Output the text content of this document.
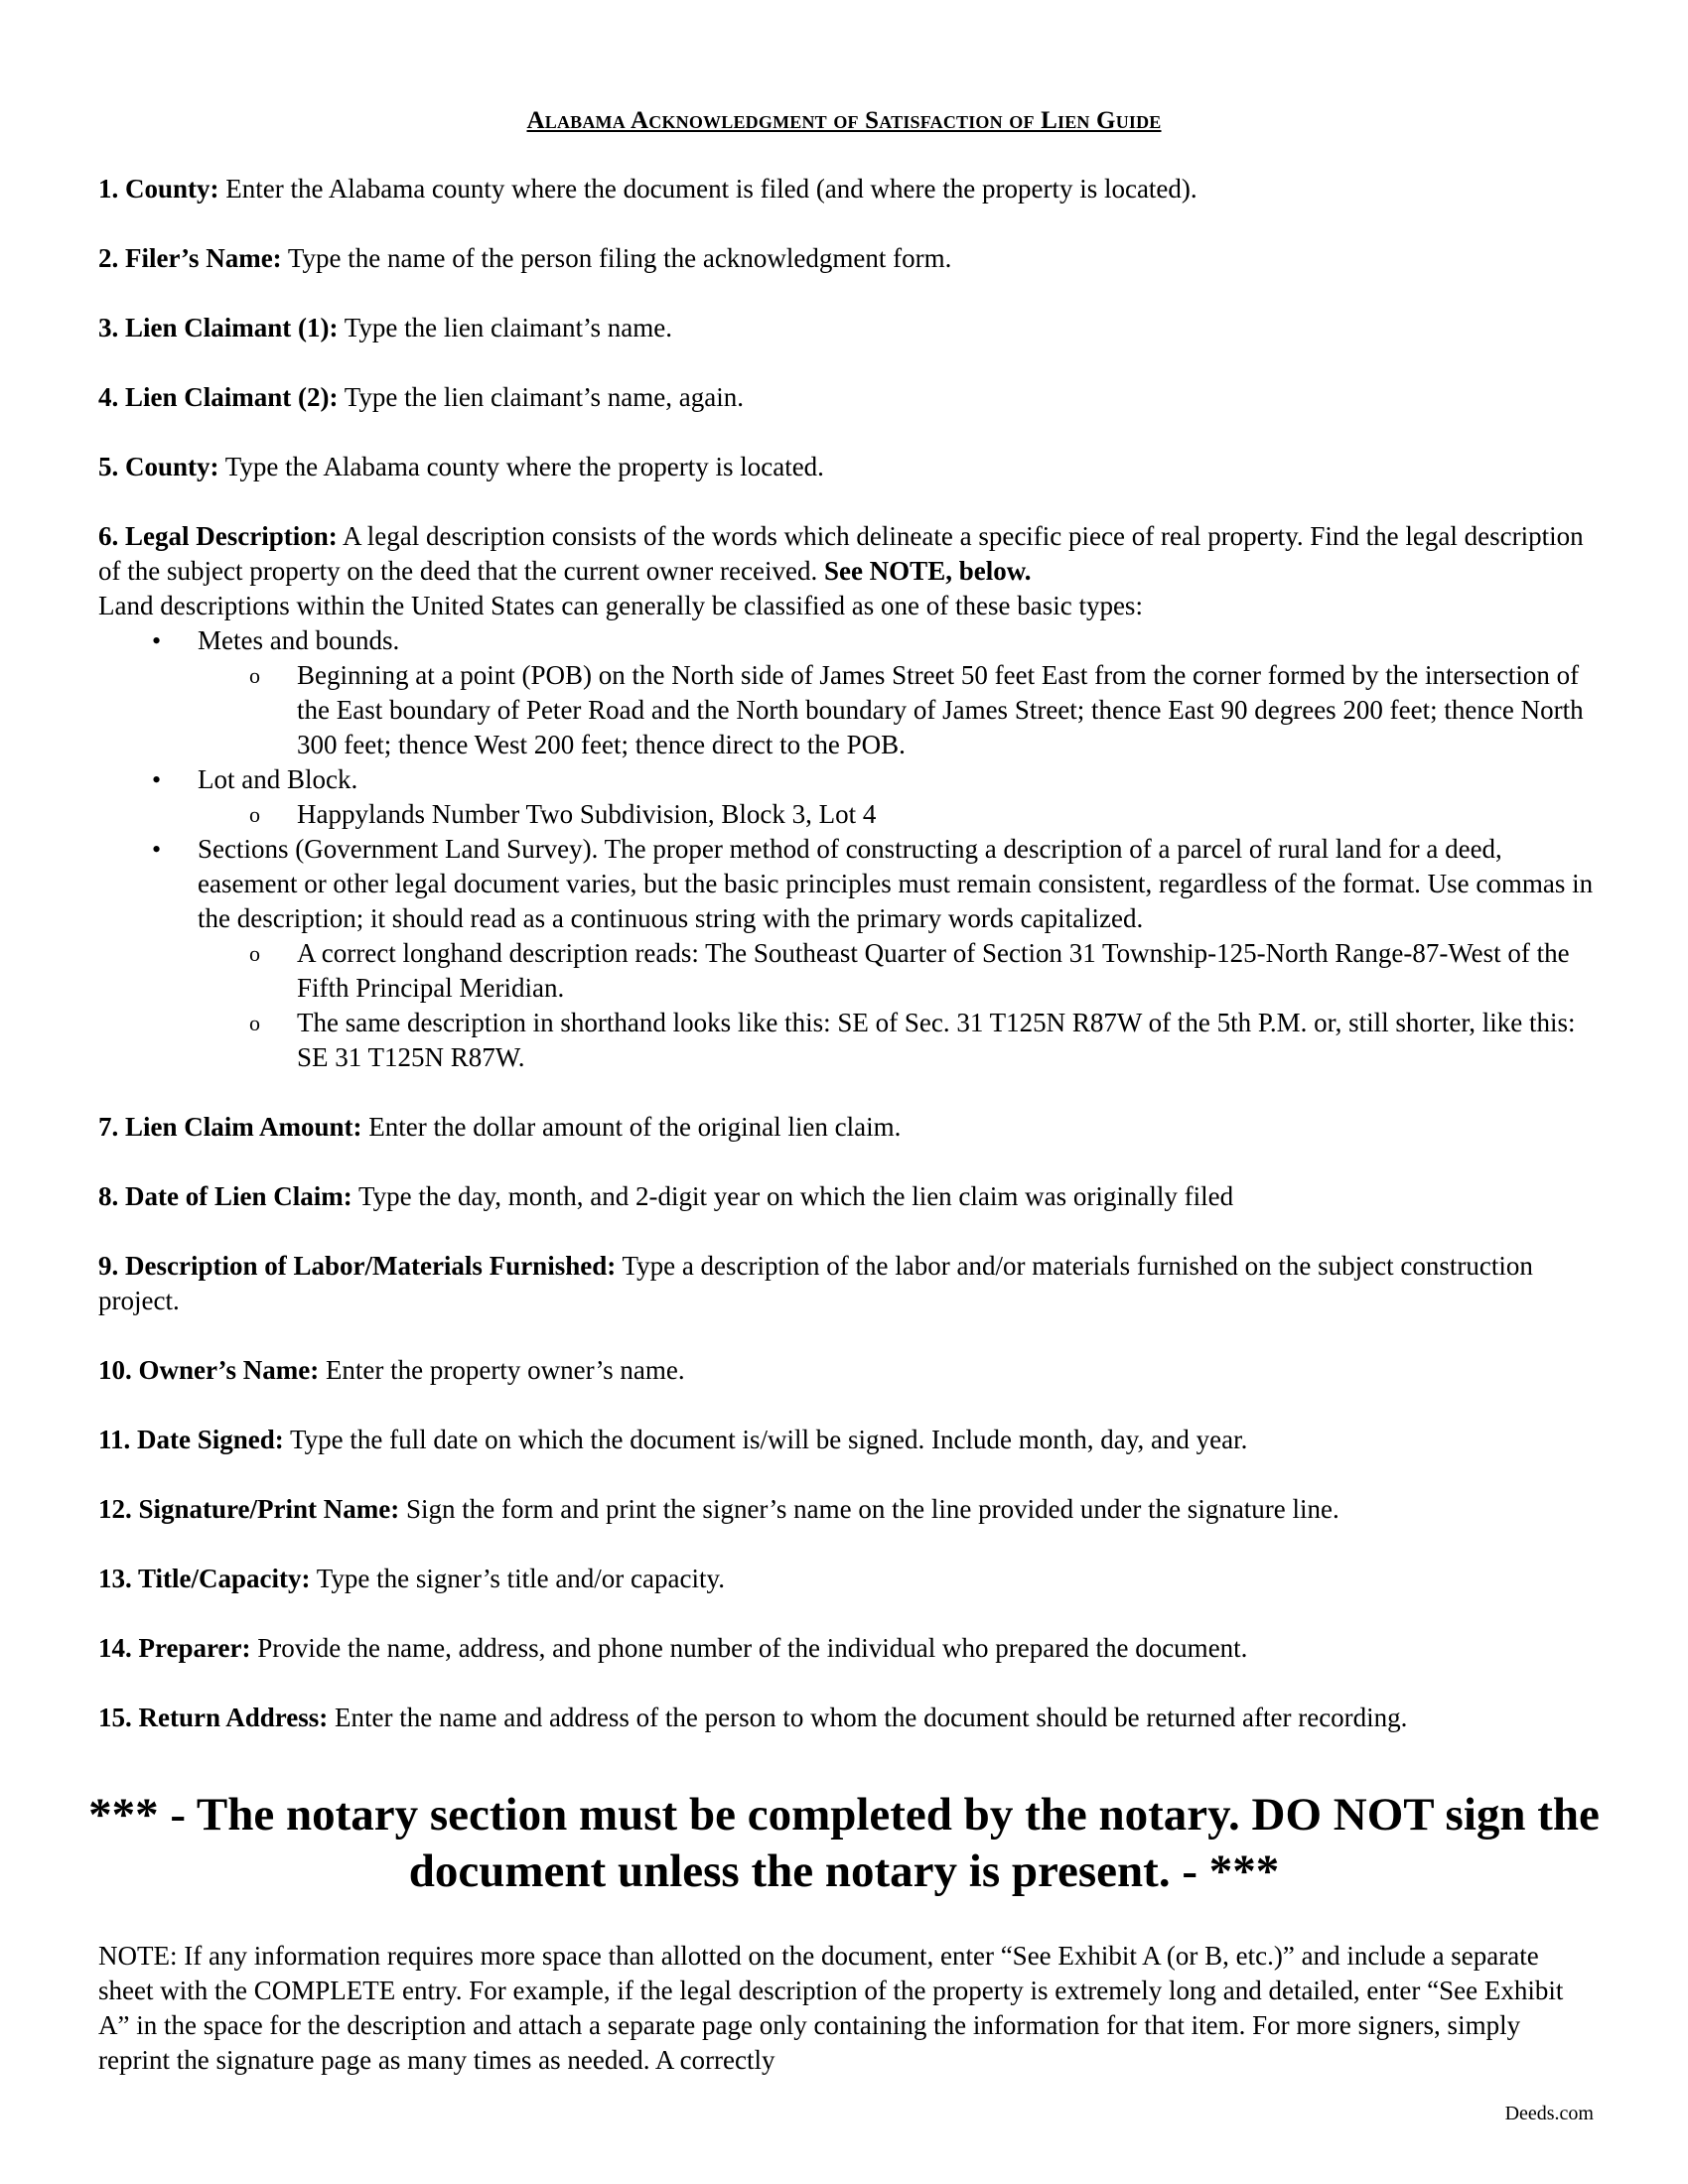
Alabama Acknowledgment of Satisfaction of Lien Guide
1. County: Enter the Alabama county where the document is filed (and where the property is located).
2. Filer’s Name: Type the name of the person filing the acknowledgment form.
3. Lien Claimant (1): Type the lien claimant’s name.
4. Lien Claimant (2): Type the lien claimant’s name, again.
5. County: Type the Alabama county where the property is located.
6. Legal Description: A legal description consists of the words which delineate a specific piece of real property. Find the legal description of the subject property on the deed that the current owner received. See NOTE, below.
Land descriptions within the United States can generally be classified as one of these basic types:
• Metes and bounds.
o Beginning at a point (POB) on the North side of James Street 50 feet East from the corner formed by the intersection of the East boundary of Peter Road and the North boundary of James Street; thence East 90 degrees 200 feet; thence North 300 feet; thence West 200 feet; thence direct to the POB.
• Lot and Block.
o Happylands Number Two Subdivision, Block 3, Lot 4
• Sections (Government Land Survey). The proper method of constructing a description of a parcel of rural land for a deed, easement or other legal document varies, but the basic principles must remain consistent, regardless of the format. Use commas in the description; it should read as a continuous string with the primary words capitalized.
o A correct longhand description reads: The Southeast Quarter of Section 31 Township-125-North Range-87-West of the Fifth Principal Meridian.
o The same description in shorthand looks like this: SE of Sec. 31 T125N R87W of the 5th P.M. or, still shorter, like this: SE 31 T125N R87W.
7. Lien Claim Amount: Enter the dollar amount of the original lien claim.
8. Date of Lien Claim: Type the day, month, and 2-digit year on which the lien claim was originally filed
9. Description of Labor/Materials Furnished: Type a description of the labor and/or materials furnished on the subject construction project.
10. Owner’s Name: Enter the property owner’s name.
11. Date Signed: Type the full date on which the document is/will be signed. Include month, day, and year.
12. Signature/Print Name: Sign the form and print the signer’s name on the line provided under the signature line.
13. Title/Capacity: Type the signer’s title and/or capacity.
14. Preparer: Provide the name, address, and phone number of the individual who prepared the document.
15. Return Address: Enter the name and address of the person to whom the document should be returned after recording.
*** - The notary section must be completed by the notary. DO NOT sign the document unless the notary is present. - ***

NOTE: If any information requires more space than allotted on the document, enter “See Exhibit A (or B, etc.)” and include a separate sheet with the COMPLETE entry. For example, if the legal description of the property is extremely long and detailed, enter “See Exhibit A” in the space for the description and attach a separate page only containing the information for that item. For more signers, simply reprint the signature page as many times as needed. A correctly

Deeds.com
